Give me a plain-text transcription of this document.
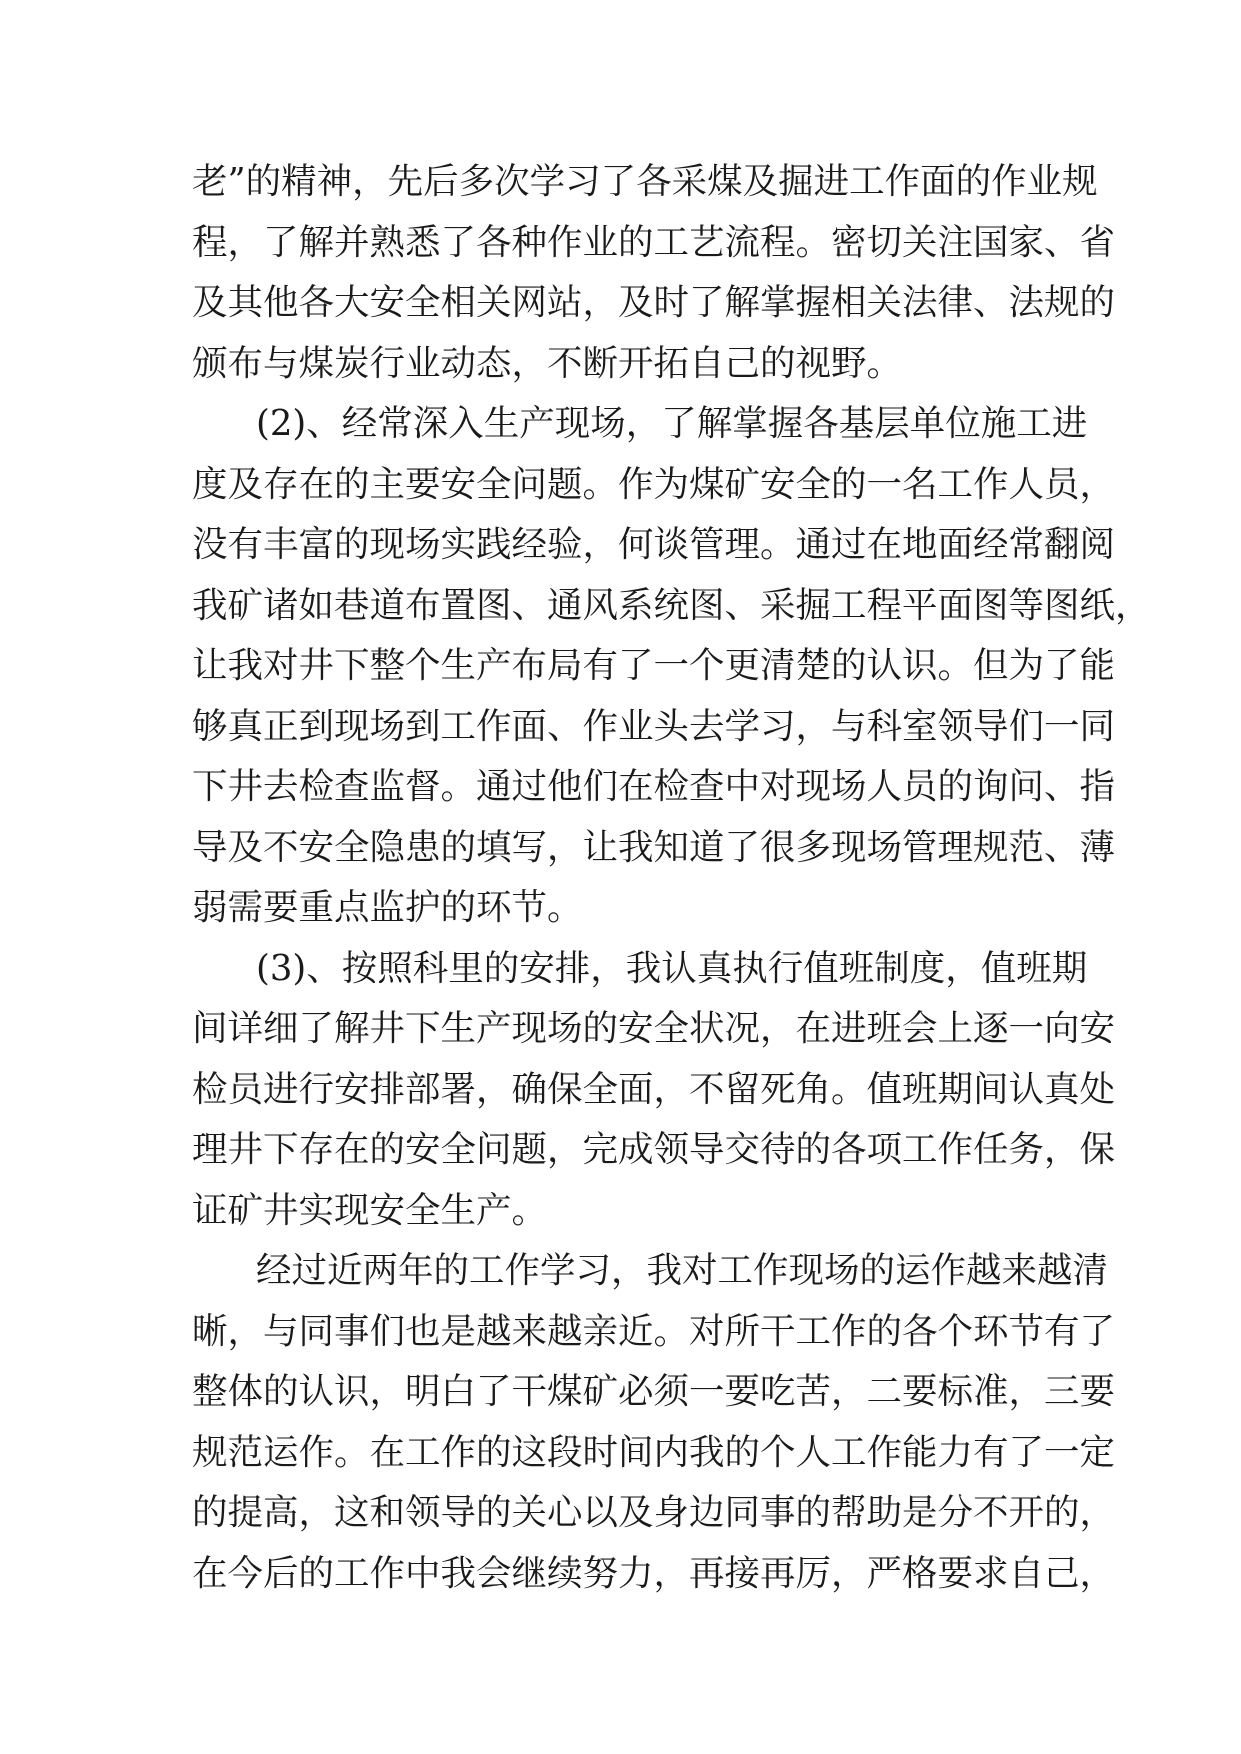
老”的精神，先后多次学习了各采煤及掘进工作面的作业规
程，了解并熟悉了各种作业的工艺流程。密切关注国家、省
及其他各大安全相关网站，及时了解掌握相关法律、法规的
颁布与煤炭行业动态，不断开拓自己的视野。
(2)、经常深入生产现场，了解掌握各基层单位施工进
度及存在的主要安全问题。作为煤矿安全的一名工作人员，
没有丰富的现场实践经验，何谈管理。通过在地面经常翻阅
我矿诸如巷道布置图、通风系统图、采掘工程平面图等图纸，
让我对井下整个生产布局有了一个更清楚的认识。但为了能
够真正到现场到工作面、作业头去学习，与科室领导们一同
下井去检查监督。通过他们在检查中对现场人员的询问、指
导及不安全隐患的填写，让我知道了很多现场管理规范、薄
弱需要重点监护的环节。
(3)、按照科里的安排，我认真执行值班制度，值班期
间详细了解井下生产现场的安全状况，在进班会上逐一向安
检员进行安排部署，确保全面，不留死角。值班期间认真处
理井下存在的安全问题，完成领导交待的各项工作任务，保
证矿井实现安全生产。
经过近两年的工作学习，我对工作现场的运作越来越清
晰，与同事们也是越来越亲近。对所干工作的各个环节有了
整体的认识，明白了干煤矿必须一要吃苦，二要标准，三要
规范运作。在工作的这段时间内我的个人工作能力有了一定
的提高，这和领导的关心以及身边同事的帮助是分不开的，
在今后的工作中我会继续努力，再接再厉，严格要求自己，
